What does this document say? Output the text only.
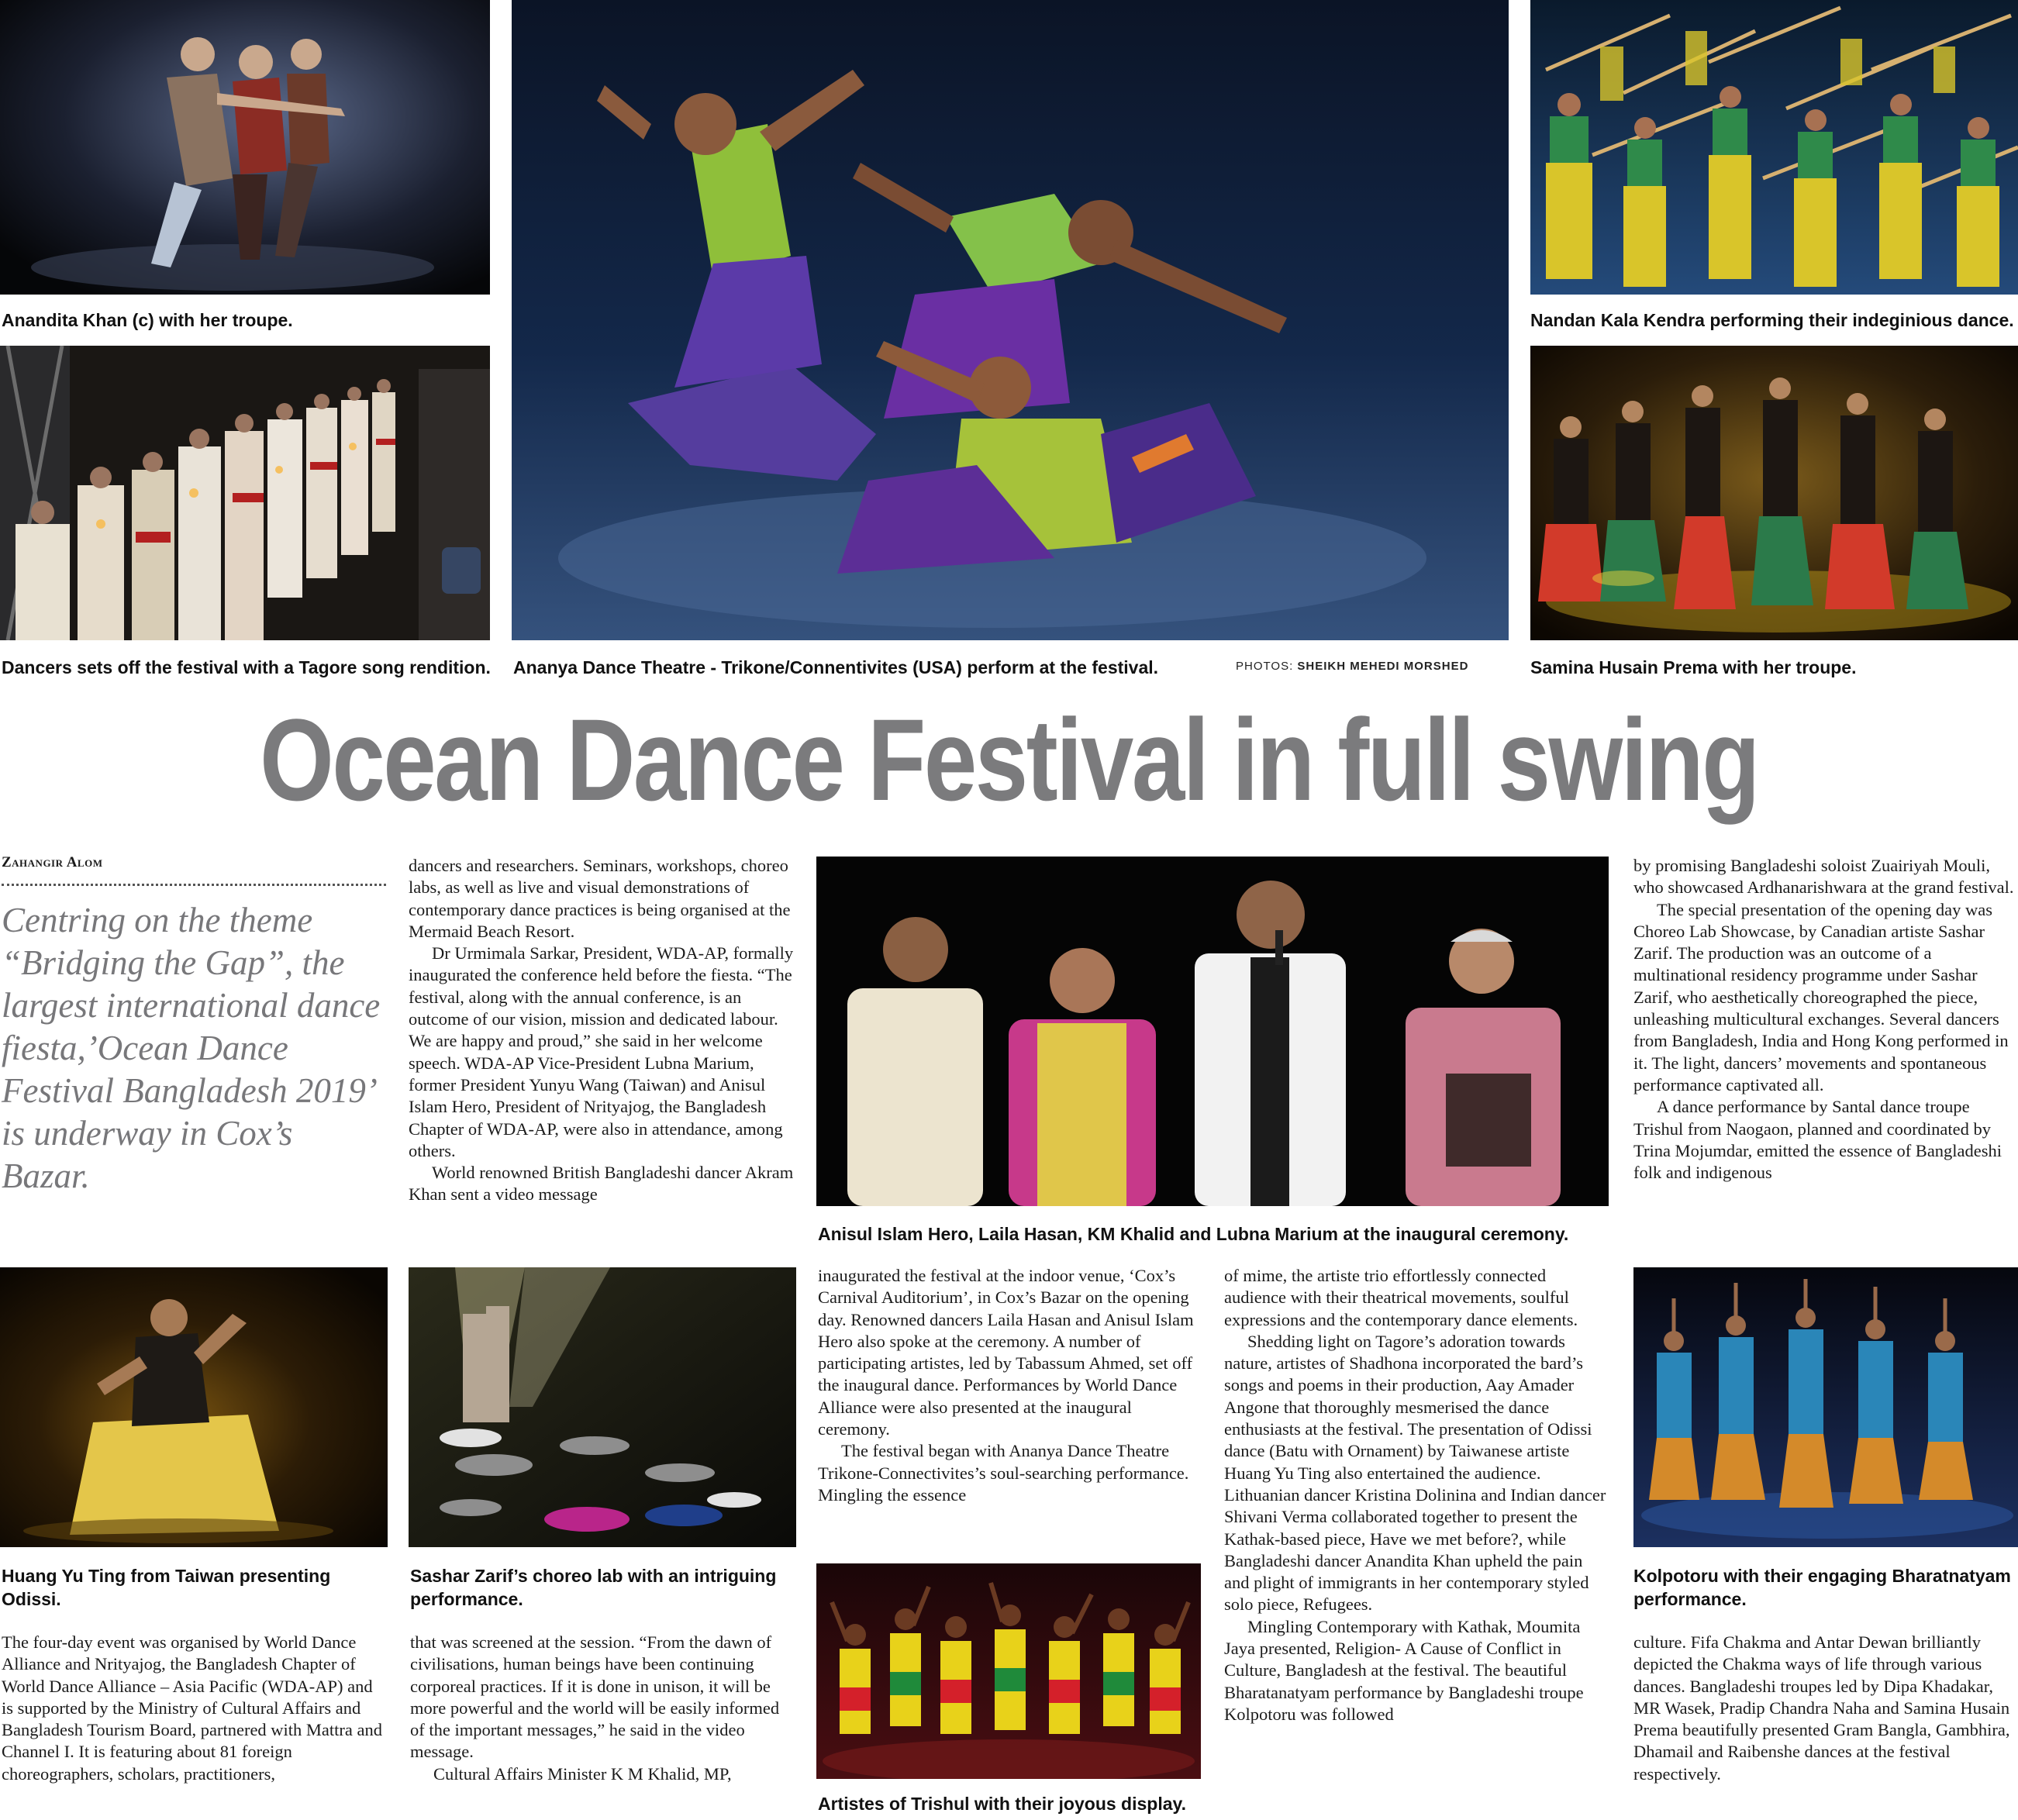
Anandita Khan (c) with her troupe.
Dancers sets off the festival with a Tagore song rendition.	Ananya Dance Theatre - Trikone/Connentivites (USA) perform at the festival.	PHOTOS: SHEIKH MEHEDI MORSHED
Nandan Kala Kendra performing their indeginious dance.
Samina Husain Prema with her troupe.
Ocean Dance Festival in full swing
Zahangir Alom
Centring on the theme “Bridging the Gap”, the largest international dance fiesta,’Ocean Dance Festival Bangladesh 2019’ is underway in Cox’s Bazar.

dancers and researchers. Seminars, workshops, choreo labs, as well as live and visual demonstrations of contemporary dance practices is being organised at the Mermaid Beach Resort.

Dr Urmimala Sarkar, President, WDA-AP, formally inaugurated the conference held before the fiesta. “The festival, along with the annual conference, is an outcome of our vision, mission and dedicated labour. We are happy and proud,” she said in her welcome speech. WDA-AP Vice-President Lubna Marium, former President Yunyu Wang (Taiwan) and Anisul Islam Hero, President of Nrityajog, the Bangladesh Chapter of WDA-AP, were also in attendance, among others.

World renowned British Bangladeshi dancer Akram Khan sent a video message

Anisul Islam Hero, Laila Hasan, KM Khalid and Lubna Marium at the inaugural ceremony.

by promising Bangladeshi soloist Zuairiyah Mouli, who showcased Ardhanarishwara at the grand festival.

The special presentation of the opening day was Choreo Lab Showcase, by Canadian artiste Sashar Zarif. The production was an outcome of a multinational residency programme under Sashar Zarif, who aesthetically choreographed the piece, unleashing multicultural exchanges. Several dancers from Bangladesh, India and Hong Kong performed in it. The light, dancers’ movements and spontaneous performance captivated all.

A dance performance by Santal dance troupe Trishul from Naogaon, planned and coordinated by Trina Mojumdar, emitted the essence of Bangladeshi folk and indigenous

Huang Yu Ting from Taiwan presenting Odissi.
Sashar Zarif’s choreo lab with an intriguing performance.

The four-day event was organised by World Dance Alliance and Nrityajog, the Bangladesh Chapter of World Dance Alliance – Asia Pacific (WDA-AP) and is supported by the Ministry of Cultural Affairs and Bangladesh Tourism Board, partnered with Mattra and Channel I. It is featuring about 81 foreign choreographers, scholars, practitioners,

that was screened at the session. “From the dawn of civilisations, human beings have been continuing corporeal practices. If it is done in unison, it will be more powerful and the world will be easily informed of the important messages,” he said in the video message.

Cultural Affairs Minister K M Khalid, MP,

inaugurated the festival at the indoor venue, ‘Cox’s Carnival Auditorium’, in Cox’s Bazar on the opening day. Renowned dancers Laila Hasan and Anisul Islam Hero also spoke at the ceremony. A number of participating artistes, led by Tabassum Ahmed, set off the inaugural dance. Performances by World Dance Alliance were also presented at the inaugural ceremony.

The festival began with Ananya Dance Theatre Trikone-Connectivites’s soul-searching performance. Mingling the essence

Artistes of Trishul with their joyous display.

of mime, the artiste trio effortlessly connected audience with their theatrical movements, soulful expressions and the contemporary dance elements.

Shedding light on Tagore’s adoration towards nature, artistes of Shadhona incorporated the bard’s songs and poems in their production, Aay Amader Angone that thoroughly mesmerised the dance enthusiasts at the festival. The presentation of Odissi dance (Batu with Ornament) by Taiwanese artiste Huang Yu Ting also entertained the audience. Lithuanian dancer Kristina Dolinina and Indian dancer Shivani Verma collaborated together to present the Kathak-based piece, Have we met before?, while Bangladeshi dancer Anandita Khan upheld the pain and plight of immigrants in her contemporary styled solo piece, Refugees.

Mingling Contemporary with Kathak, Moumita Jaya presented, Religion- A Cause of Conflict in Culture, Bangladesh at the festival. The beautiful Bharatanatyam performance by Bangladeshi troupe Kolpotoru was followed

Kolpotoru with their engaging Bharatnatyam performance.

culture. Fifa Chakma and Antar Dewan brilliantly depicted the Chakma ways of life through various dances. Bangladeshi troupes led by Dipa Khadakar, MR Wasek, Pradip Chandra Naha and Samina Husain Prema beautifully presented Gram Bangla, Gambhira, Dhamail and Raibenshe dances at the festival respectively.
